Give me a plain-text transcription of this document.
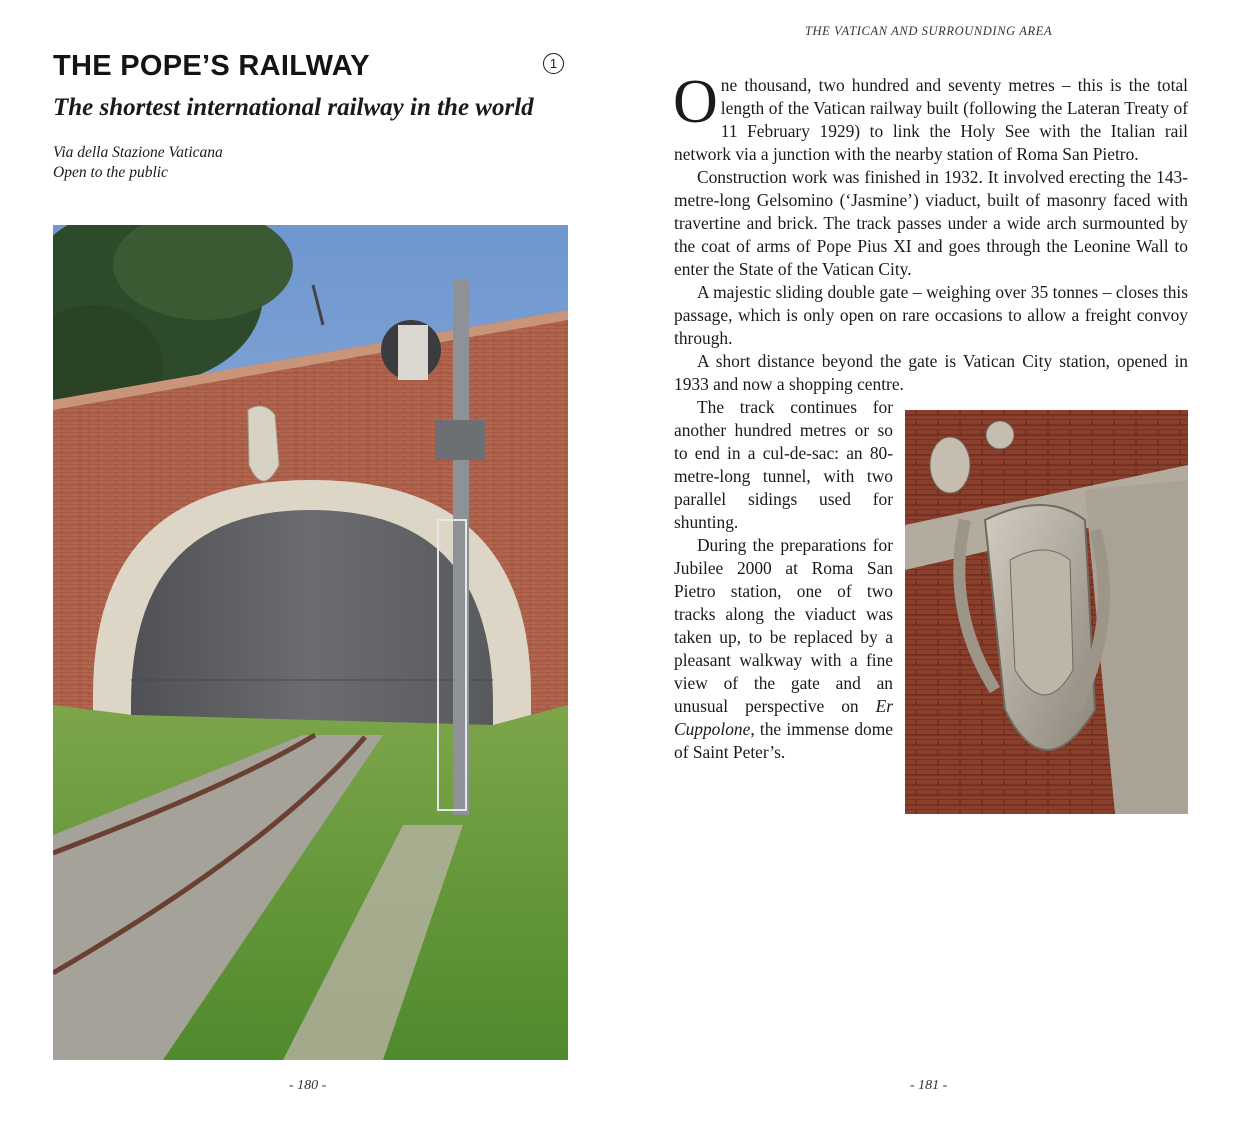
THE POPE’S RAILWAY	1
The shortest international railway in the world
Via della Stazione Vaticana
Open to the public
- 180 -
THE VATICAN AND SURROUNDING AREA

One thousand, two hundred and seventy metres – this is the total length of the Vatican railway built (following the Lateran Treaty of 11 February 1929) to link the Holy See with the Italian rail network via a junction with the nearby station of Roma San Pietro.

Construction work was finished in 1932. It involved erecting the 143-metre-long Gelsomino (‘Jasmine’) viaduct, built of masonry faced with travertine and brick. The track passes under a wide arch surmounted by the coat of arms of Pope Pius XI and goes through the Leonine Wall to enter the State of the Vatican City.

A majestic sliding double gate – weighing over 35 tonnes – closes this passage, which is only open on rare occasions to allow a freight convoy through.

A short distance beyond the gate is Vatican City station, opened in 1933 and now a shopping centre.

The track continues for another hundred metres or so to end in a cul-de-sac: an 80-metre-long tunnel, with two parallel sidings used for shunting.

During the preparations for Jubilee 2000 at Roma San Pietro station, one of two tracks along the viaduct was taken up, to be replaced by a pleasant walkway with a fine view of the gate and an unusual perspective on Er Cuppolone, the immense dome of Saint Peter’s.

- 181 -
